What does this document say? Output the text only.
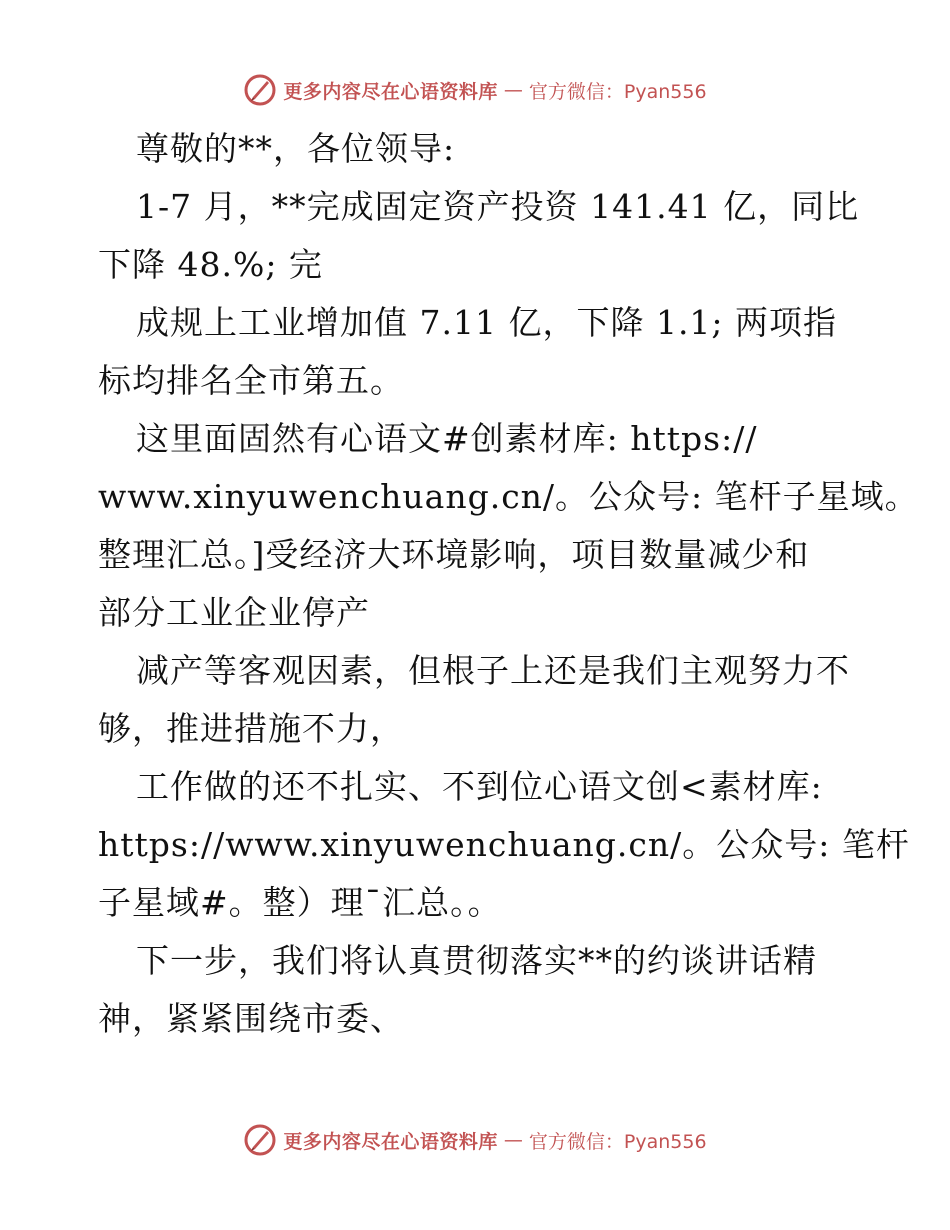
更多内容尽在心语资料库 — 官方微信：Pyan556
尊敬的**，各位领导:
1-7 月，**完成固定资产投资 141.41 亿，同比
下降 48.%; 完
成规上工业增加值 7.11 亿，下降 1.1; 两项指
标均排名全市第五。
这里面固然有心语文#创素材库: https://
www.xinyuwenchuang.cn/。公众号: 笔杆子星域。
整理汇总。]受经济大环境影响，项目数量减少和
部分工业企业停产
减产等客观因素，但根子上还是我们主观努力不
够，推进措施不力，
工作做的还不扎实、不到位心语文创<素材库:
https://www.xinyuwenchuang.cn/。公众号: 笔杆
子星域#。整）理¯汇总。。
下一步，我们将认真贯彻落实**的约谈讲话精
神，紧紧围绕市委、
更多内容尽在心语资料库 — 官方微信：Pyan556
